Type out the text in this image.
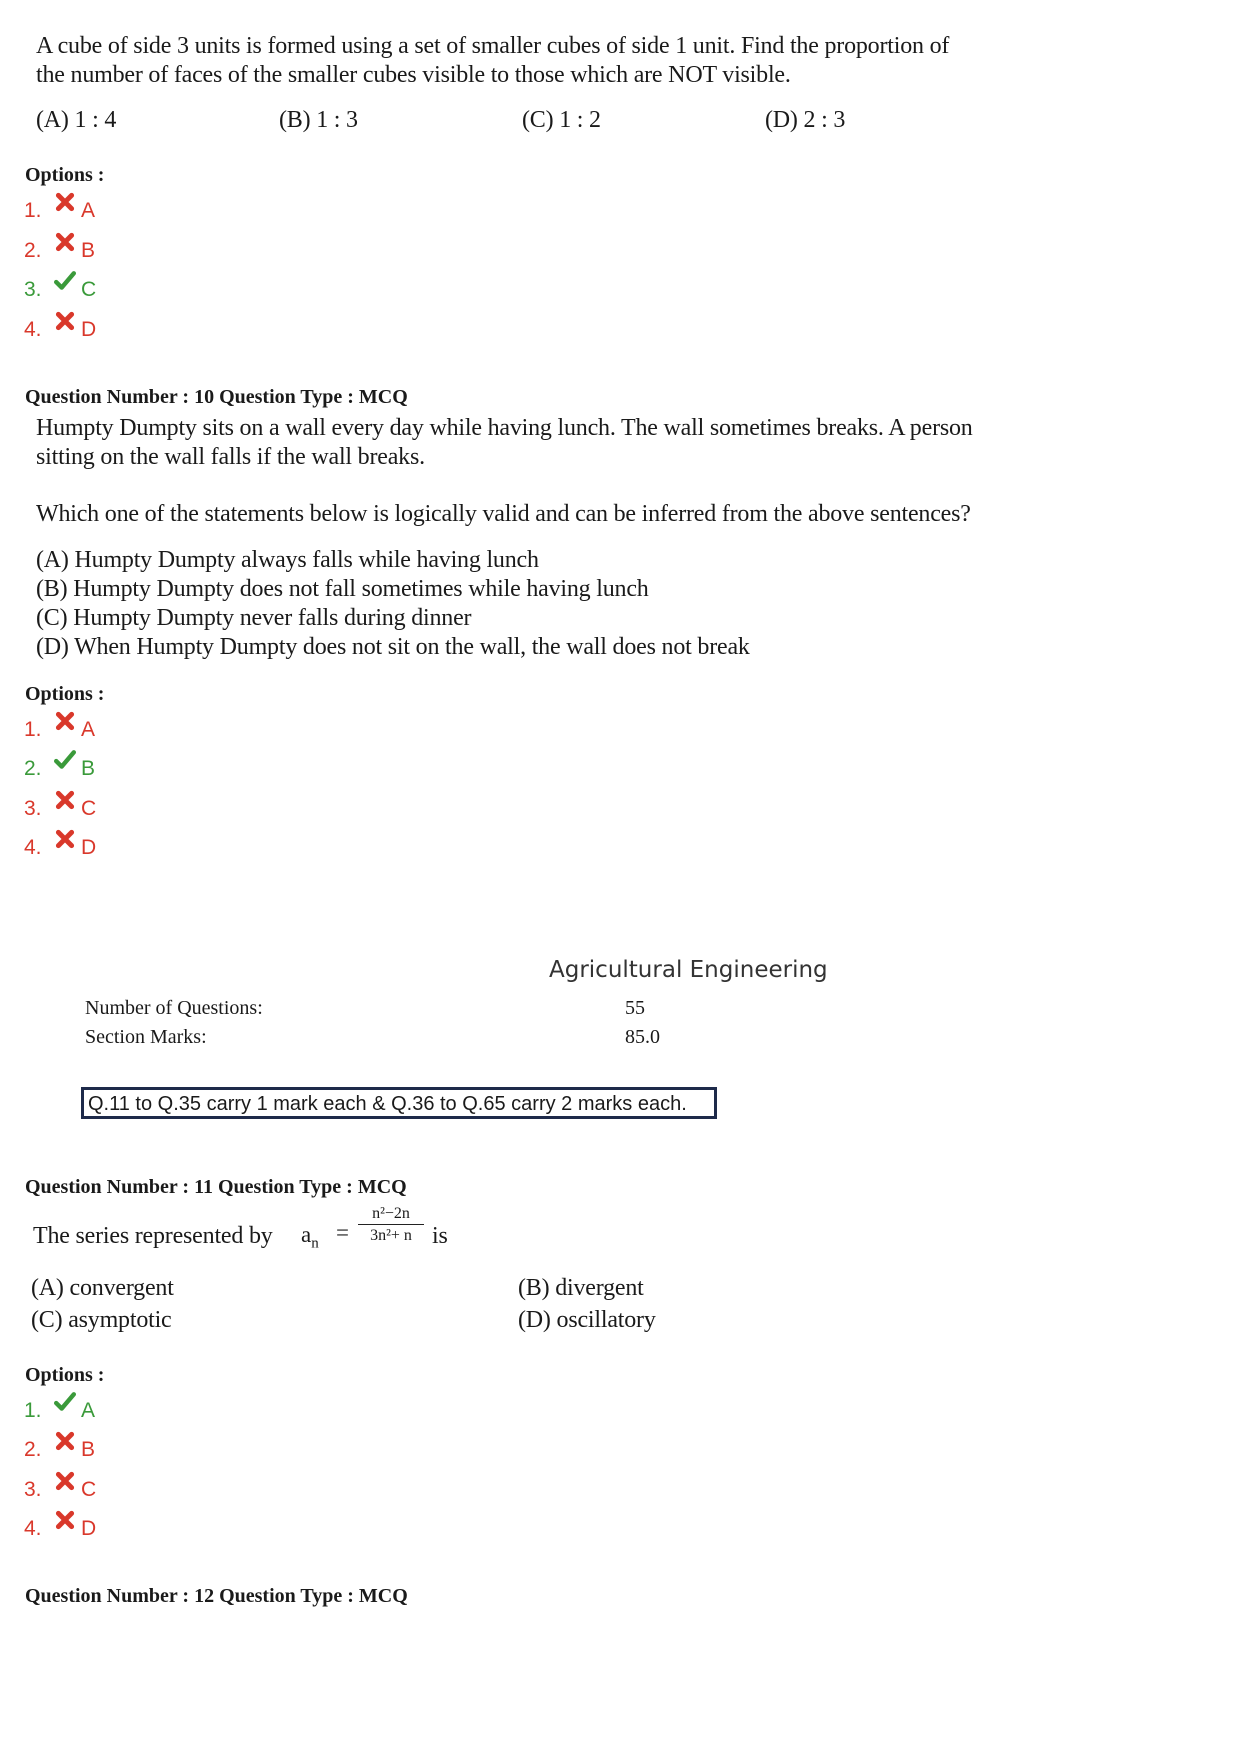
A cube of side 3 units is formed using a set of smaller cubes of side 1 unit. Find the proportion of
the number of faces of the smaller cubes visible to those which are NOT visible.
(A) 1 : 4	(B) 1 : 3	(C) 1 : 2	(D) 2 : 3
Options :
1. A
2. B
3. C
4. D
Question Number : 10 Question Type : MCQ
Humpty Dumpty sits on a wall every day while having lunch. The wall sometimes breaks. A person
sitting on the wall falls if the wall breaks.
Which one of the statements below is logically valid and can be inferred from the above sentences?
(A) Humpty Dumpty always falls while having lunch
(B) Humpty Dumpty does not fall sometimes while having lunch
(C) Humpty Dumpty never falls during dinner
(D) When Humpty Dumpty does not sit on the wall, the wall does not break
Options :
1. A
2. B
3. C
4. D
Agricultural Engineering
Number of Questions:	55
Section Marks:	85.0
Q.11 to Q.35 carry 1 mark each & Q.36 to Q.65 carry 2 marks each.
Question Number : 11 Question Type : MCQ
The series represented by $a_n = \frac{\text{n²−2n}}{\text{3n²+ n}}$ is
(A) convergent	(B) divergent
(C) asymptotic	(D) oscillatory
Options :
1. A
2. B
3. C
4. D
Question Number : 12 Question Type : MCQ
